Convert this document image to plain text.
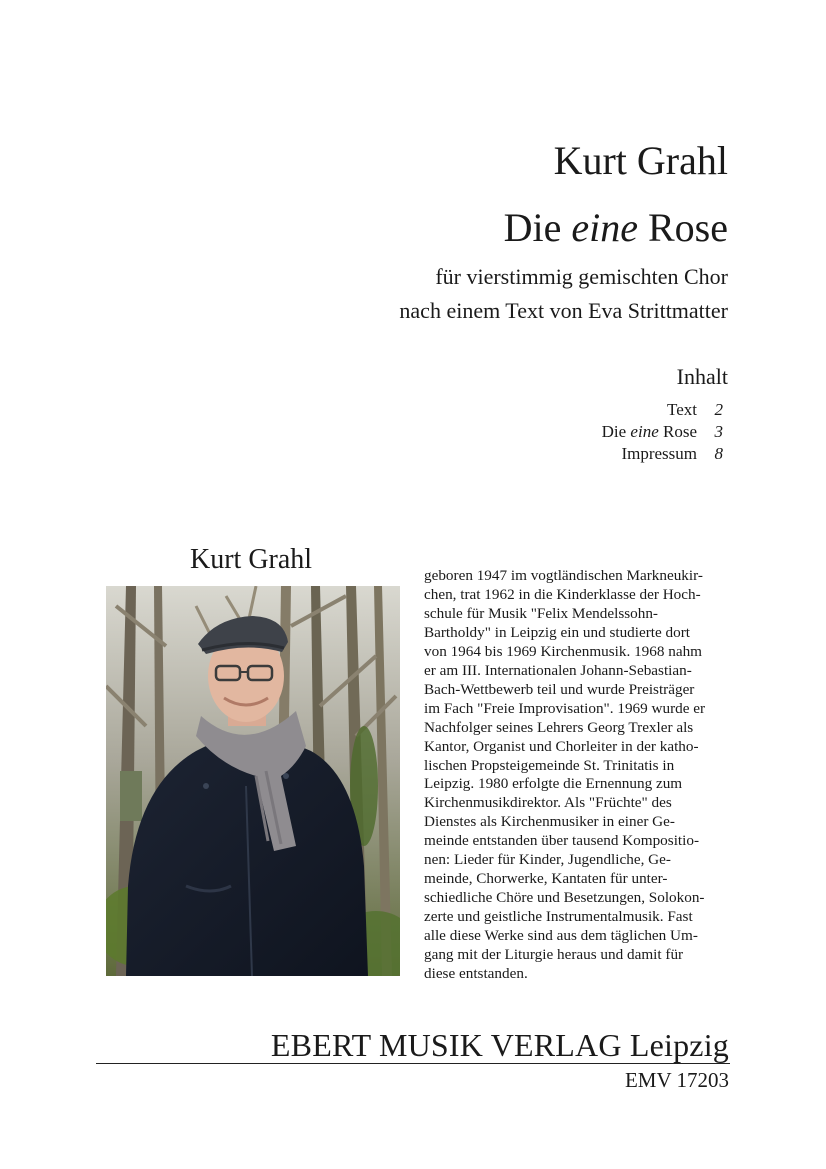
Kurt Grahl
Die eine Rose
für vierstimmig gemischten Chor
nach einem Text von Eva Strittmatter
Inhalt
Text	2
Die eine Rose	3
Impressum	8
Kurt Grahl
geboren 1947 im vogtländischen Markneukir-
chen, trat 1962 in die Kinderklasse der Hoch-
schule für Musik "Felix Mendelssohn-
Bartholdy" in Leipzig ein und studierte dort
von 1964 bis 1969 Kirchenmusik. 1968 nahm
er am III. Internationalen Johann-Sebastian-
Bach-Wettbewerb teil und wurde Preisträger
im Fach "Freie Improvisation". 1969 wurde er
Nachfolger seines Lehrers Georg Trexler als
Kantor, Organist und Chorleiter in der katho-
lischen Propsteigemeinde St. Trinitatis in
Leipzig. 1980 erfolgte die Ernennung zum
Kirchenmusikdirektor. Als "Früchte" des
Dienstes als Kirchenmusiker in einer Ge-
meinde entstanden über tausend Kompositio-
nen: Lieder für Kinder, Jugendliche, Ge-
meinde, Chorwerke, Kantaten für unter-
schiedliche Chöre und Besetzungen, Solokon-
zerte und geistliche Instrumentalmusik. Fast
alle diese Werke sind aus dem täglichen Um-
gang mit der Liturgie heraus und damit für
diese entstanden.
EBERT MUSIK VERLAG Leipzig
EMV 17203
